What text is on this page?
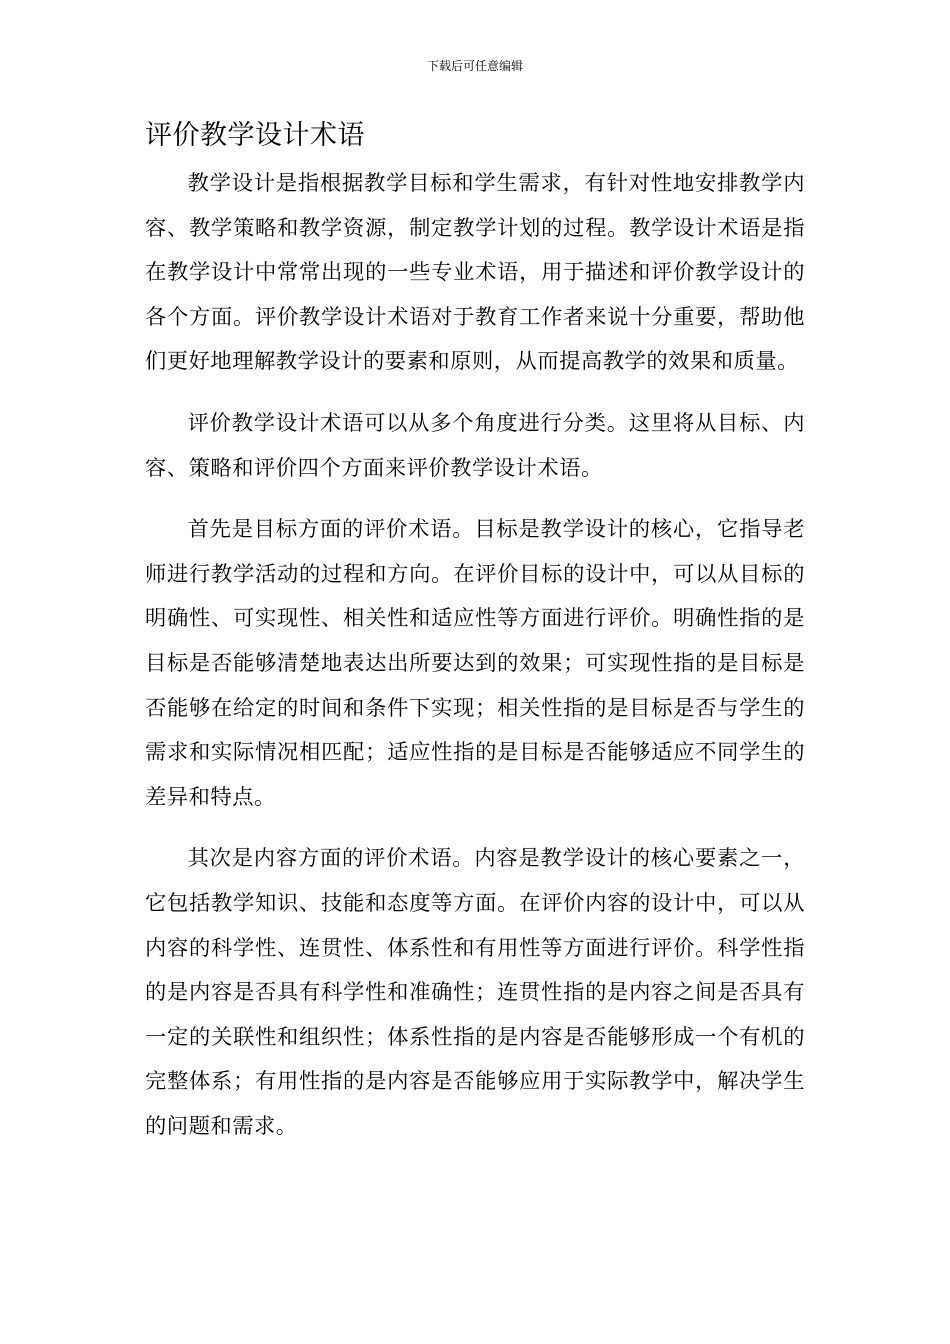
下载后可任意编辑
评价教学设计术语

教学设计是指根据教学目标和学生需求，有针对性地安排教学内容、教学策略和教学资源，制定教学计划的过程。教学设计术语是指在教学设计中常常出现的一些专业术语，用于描述和评价教学设计的各个方面。评价教学设计术语对于教育工作者来说十分重要，帮助他们更好地理解教学设计的要素和原则，从而提高教学的效果和质量。

评价教学设计术语可以从多个角度进行分类。这里将从目标、内容、策略和评价四个方面来评价教学设计术语。

首先是目标方面的评价术语。目标是教学设计的核心，它指导老师进行教学活动的过程和方向。在评价目标的设计中，可以从目标的明确性、可实现性、相关性和适应性等方面进行评价。明确性指的是目标是否能够清楚地表达出所要达到的效果；可实现性指的是目标是否能够在给定的时间和条件下实现；相关性指的是目标是否与学生的需求和实际情况相匹配；适应性指的是目标是否能够适应不同学生的差异和特点。

其次是内容方面的评价术语。内容是教学设计的核心要素之一，它包括教学知识、技能和态度等方面。在评价内容的设计中，可以从内容的科学性、连贯性、体系性和有用性等方面进行评价。科学性指的是内容是否具有科学性和准确性；连贯性指的是内容之间是否具有一定的关联性和组织性；体系性指的是内容是否能够形成一个有机的完整体系；有用性指的是内容是否能够应用于实际教学中，解决学生的问题和需求。
